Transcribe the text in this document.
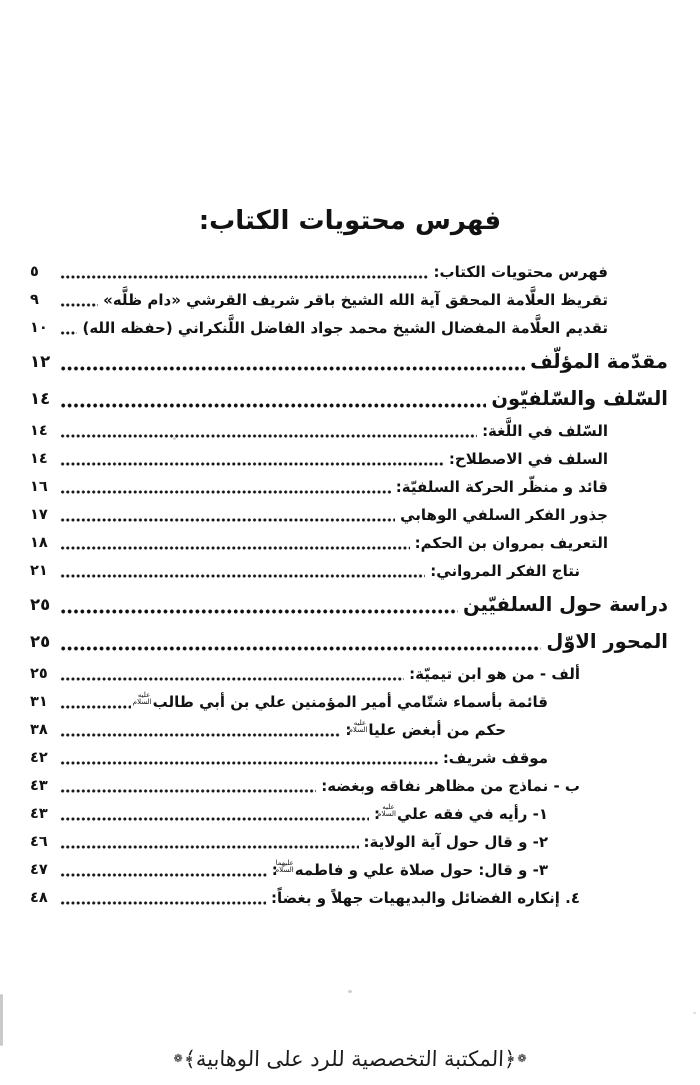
فهرس محتويات الكتاب:
فهرس محتويات الكتاب:
٥
تقريظ العلَّامة المحقق آية الله الشيخ باقر شريف القرشي «دام ظلَّه»
٩
تقديم العلَّامة المفضال الشيخ محمد جواد الفاضل اللَّنكراني (حفظه الله)
١٠
مقدّمة المؤلّف
١٢
السّلف والسّلفيّون
١٤
السّلف في اللَّغة:
١٤
السلف في الاصطلاح:
١٤
قائد و منظّر الحركة السلفيّة:
١٦
جذور الفكر السلفي الوهابي
١٧
التعريف بمروان بن الحكم:
١٨
نتاج الفكر المرواني:
٢١
دراسة حول السلفيّين
٢٥
المحور الاوّل
٢٥
ألف - من هو ابن تيميّة:
٢٥
قائمة بأسماء شتّامي أمير المؤمنين علي بن أبي طالبعليه السلام
٣١
حكم من أبغض علياعليه السلام:
٣٨
موقف شريف:
٤٢
ب - نماذج من مظاهر نفاقه وبغضه:
٤٣
١- رأيه في فقه عليعليه السلام:
٤٣
٢- و قال حول آية الولاية:
٤٦
٣- و قال: حول صلاة علي و فاطمهعليهما السلام:
٤٧
٤. إنكاره الفضائل والبديهيات جهلاً و بغضاً:
٤٨
❁﴿المكتبة التخصصية للرد على الوهابية﴾❁
